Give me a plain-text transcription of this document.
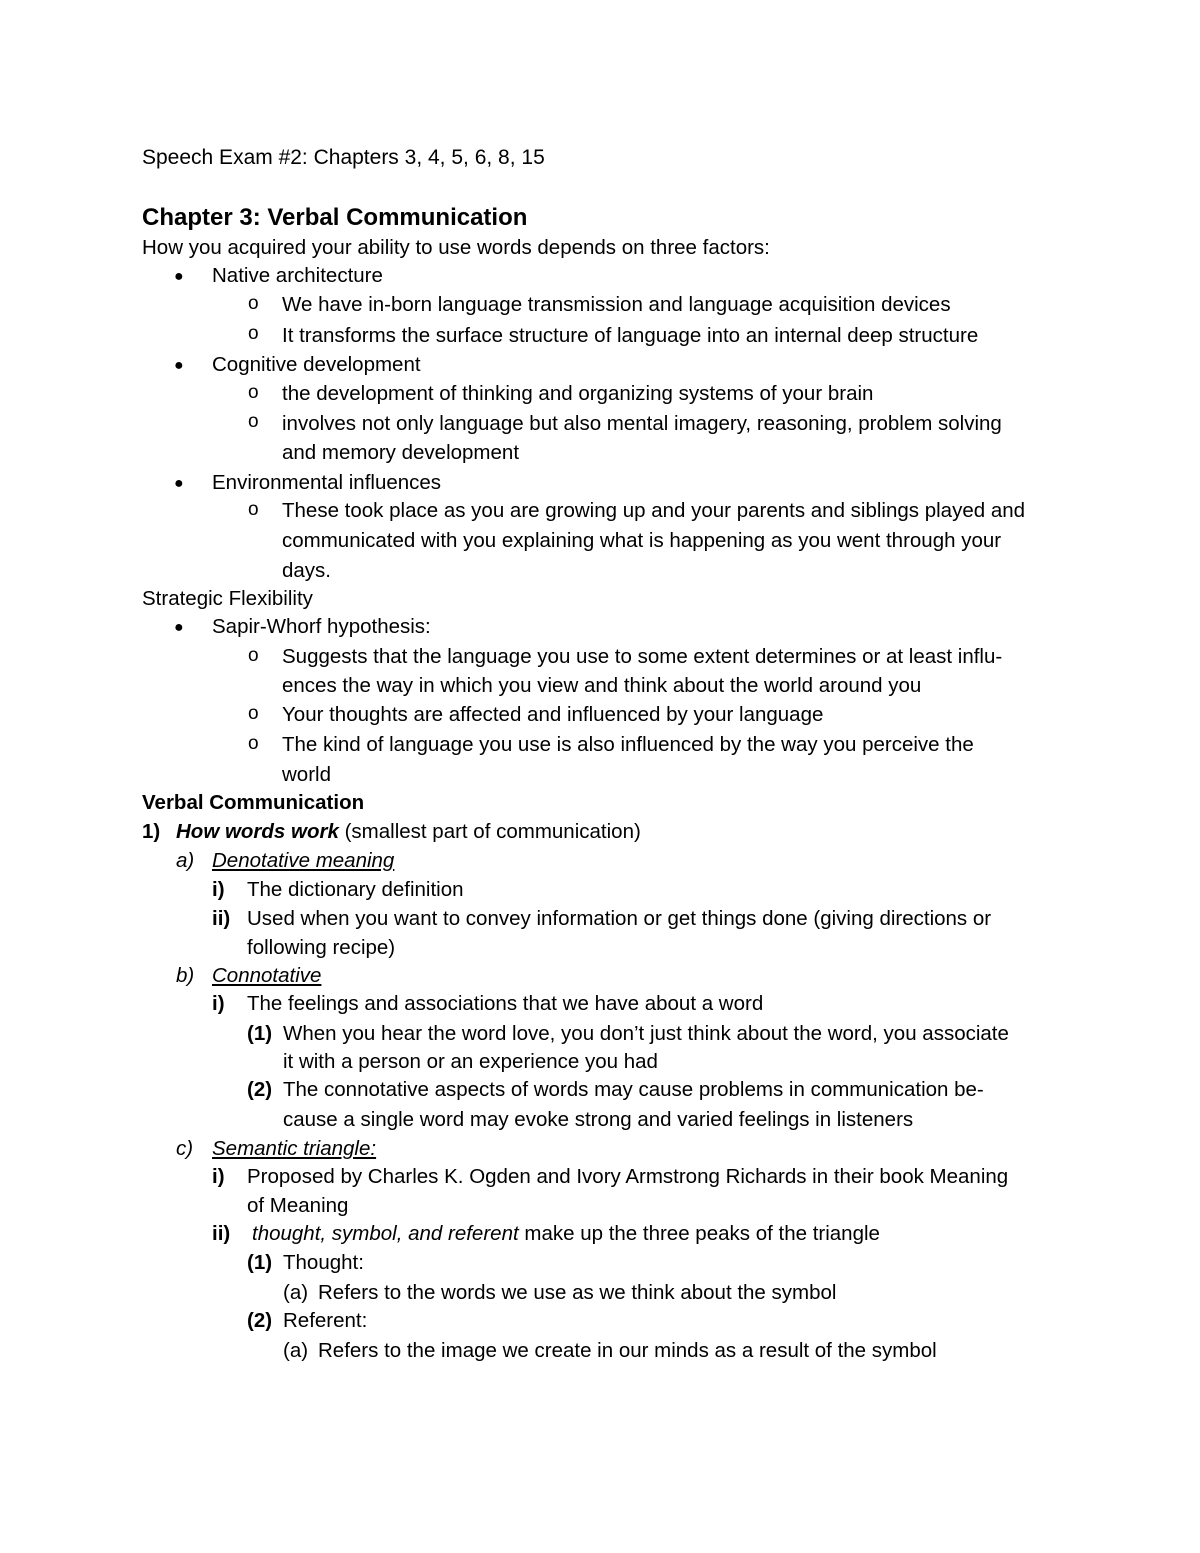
Speech Exam #2: Chapters 3, 4, 5, 6, 8, 15
Chapter 3: Verbal Communication
How you acquired your ability to use words depends on three factors:
● Native architecture
o We have in-born language transmission and language acquisition devices
o It transforms the surface structure of language into an internal deep structure
● Cognitive development
o the development of thinking and organizing systems of your brain
o involves not only language but also mental imagery, reasoning, problem solving
and memory development
● Environmental influences
o These took place as you are growing up and your parents and siblings played and
communicated with you explaining what is happening as you went through your
days.
Strategic Flexibility
● Sapir-Whorf hypothesis:
o Suggests that the language you use to some extent determines or at least influ-
ences the way in which you view and think about the world around you
o Your thoughts are affected and influenced by your language
o The kind of language you use is also influenced by the way you perceive the
world
Verbal Communication
1) How words work (smallest part of communication)
a) Denotative meaning
i) The dictionary definition
ii) Used when you want to convey information or get things done (giving directions or
following recipe)
b) Connotative
i) The feelings and associations that we have about a word
(1) When you hear the word love, you don’t just think about the word, you associate
it with a person or an experience you had
(2) The connotative aspects of words may cause problems in communication be-
cause a single word may evoke strong and varied feelings in listeners
c) Semantic triangle:
i) Proposed by Charles K. Ogden and Ivory Armstrong Richards in their book Meaning
of Meaning
ii) thought, symbol, and referent make up the three peaks of the triangle
(1) Thought:
(a) Refers to the words we use as we think about the symbol
(2) Referent:
(a) Refers to the image we create in our minds as a result of the symbol
